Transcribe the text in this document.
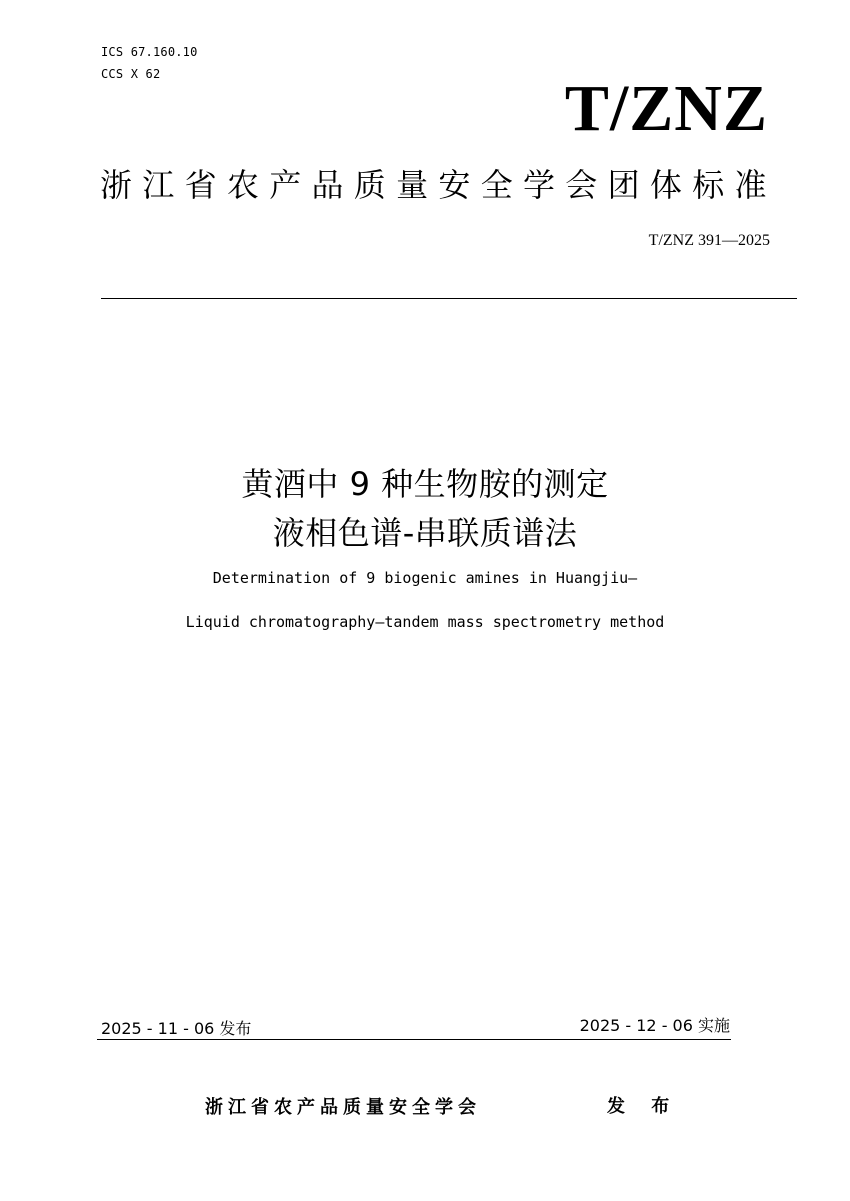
ICS 67.160.10
CCS X 62	T/ZNZ
浙江省农产品质量安全学会团体标准
T/ZNZ 391—2025
黄酒中 9 种生物胺的测定
液相色谱-串联质谱法
Determination of 9 biogenic amines in Huangjiu—
Liquid chromatography—tandem mass spectrometry method
2025 - 11 - 06 发布	2025 - 12 - 06 实施
浙江省农产品质量安全学会	发 布
